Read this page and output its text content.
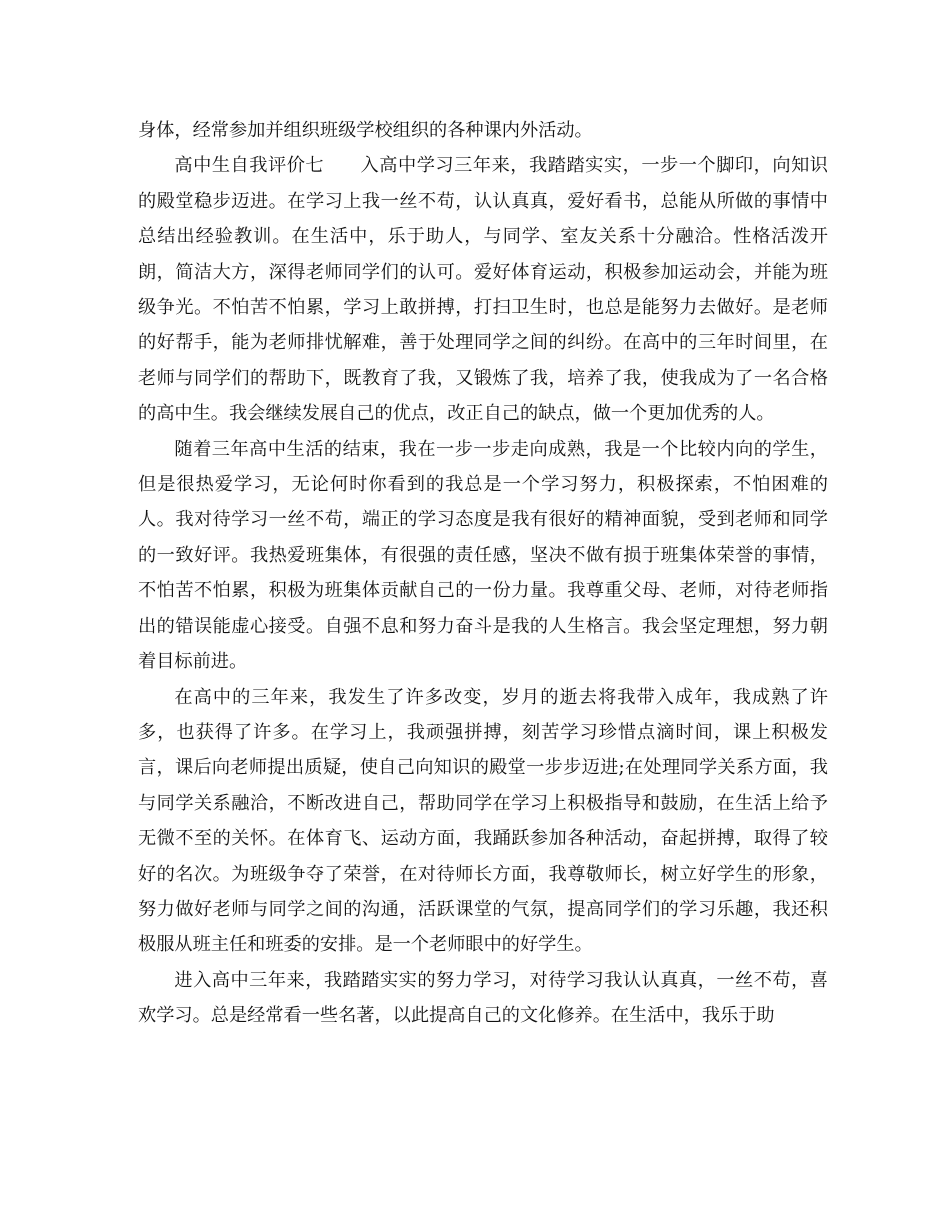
身体，经常参加并组织班级学校组织的各种课内外活动。

高中生自我评价七 入高中学习三年来，我踏踏实实，一步一个脚印，向知识的殿堂稳步迈进。在学习上我一丝不苟，认认真真，爱好看书，总能从所做的事情中总结出经验教训。在生活中，乐于助人，与同学、室友关系十分融洽。性格活泼开朗，简洁大方，深得老师同学们的认可。爱好体育运动，积极参加运动会，并能为班级争光。不怕苦不怕累，学习上敢拼搏，打扫卫生时，也总是能努力去做好。是老师的好帮手，能为老师排忧解难，善于处理同学之间的纠纷。在高中的三年时间里，在老师与同学们的帮助下，既教育了我，又锻炼了我，培养了我，使我成为了一名合格的高中生。我会继续发展自己的优点，改正自己的缺点，做一个更加优秀的人。

随着三年高中生活的结束，我在一步一步走向成熟，我是一个比较内向的学生，但是很热爱学习，无论何时你看到的我总是一个学习努力，积极探索，不怕困难的人。我对待学习一丝不苟，端正的学习态度是我有很好的精神面貌，受到老师和同学的一致好评。我热爱班集体，有很强的责任感，坚决不做有损于班集体荣誉的事情，不怕苦不怕累，积极为班集体贡献自己的一份力量。我尊重父母、老师，对待老师指出的错误能虚心接受。自强不息和努力奋斗是我的人生格言。我会坚定理想，努力朝着目标前进。

在高中的三年来，我发生了许多改变，岁月的逝去将我带入成年，我成熟了许多，也获得了许多。在学习上，我顽强拼搏，刻苦学习珍惜点滴时间，课上积极发言，课后向老师提出质疑，使自己向知识的殿堂一步步迈进;在处理同学关系方面，我与同学关系融洽，不断改进自己，帮助同学在学习上积极指导和鼓励，在生活上给予无微不至的关怀。在体育飞、运动方面，我踊跃参加各种活动，奋起拼搏，取得了较好的名次。为班级争夺了荣誉，在对待师长方面，我尊敬师长，树立好学生的形象，努力做好老师与同学之间的沟通，活跃课堂的气氛，提高同学们的学习乐趣，我还积极服从班主任和班委的安排。是一个老师眼中的好学生。

进入高中三年来，我踏踏实实的努力学习，对待学习我认认真真，一丝不苟，喜欢学习。总是经常看一些名著，以此提高自己的文化修养。在生活中，我乐于助
